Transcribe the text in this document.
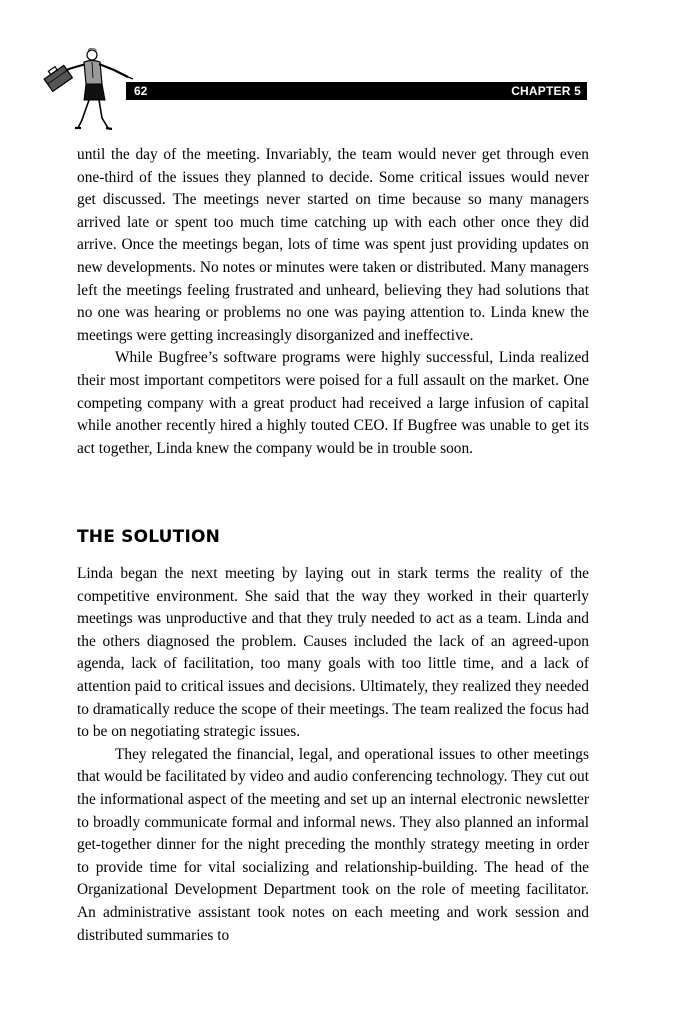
62	CHAPTER 5

until the day of the meeting. Invariably, the team would never get through even one-third of the issues they planned to decide. Some critical issues would never get discussed. The meetings never started on time because so many managers arrived late or spent too much time catching up with each other once they did arrive. Once the meetings began, lots of time was spent just providing updates on new developments. No notes or minutes were taken or distributed. Many managers left the meetings feeling frustrated and unheard, believing they had solutions that no one was hearing or problems no one was paying attention to. Linda knew the meetings were getting increasingly disorganized and ineffective.

While Bugfree’s software programs were highly successful, Linda realized their most important competitors were poised for a full assault on the market. One competing company with a great product had received a large infusion of capital while another recently hired a highly touted CEO. If Bugfree was unable to get its act together, Linda knew the company would be in trouble soon.

THE SOLUTION

Linda began the next meeting by laying out in stark terms the reality of the competitive environment. She said that the way they worked in their quarterly meetings was unproductive and that they truly needed to act as a team. Linda and the others diagnosed the problem. Causes included the lack of an agreed-upon agenda, lack of facilitation, too many goals with too little time, and a lack of attention paid to critical issues and decisions. Ultimately, they realized they needed to dramatically reduce the scope of their meetings. The team realized the focus had to be on negotiating strategic issues.

They relegated the financial, legal, and operational issues to other meetings that would be facilitated by video and audio conferencing technology. They cut out the informational aspect of the meeting and set up an internal electronic newsletter to broadly communicate formal and informal news. They also planned an informal get-together dinner for the night preceding the monthly strategy meeting in order to provide time for vital socializing and relationship-building. The head of the Organizational Development Department took on the role of meeting facilitator. An administrative assistant took notes on each meeting and work session and distributed summaries to
